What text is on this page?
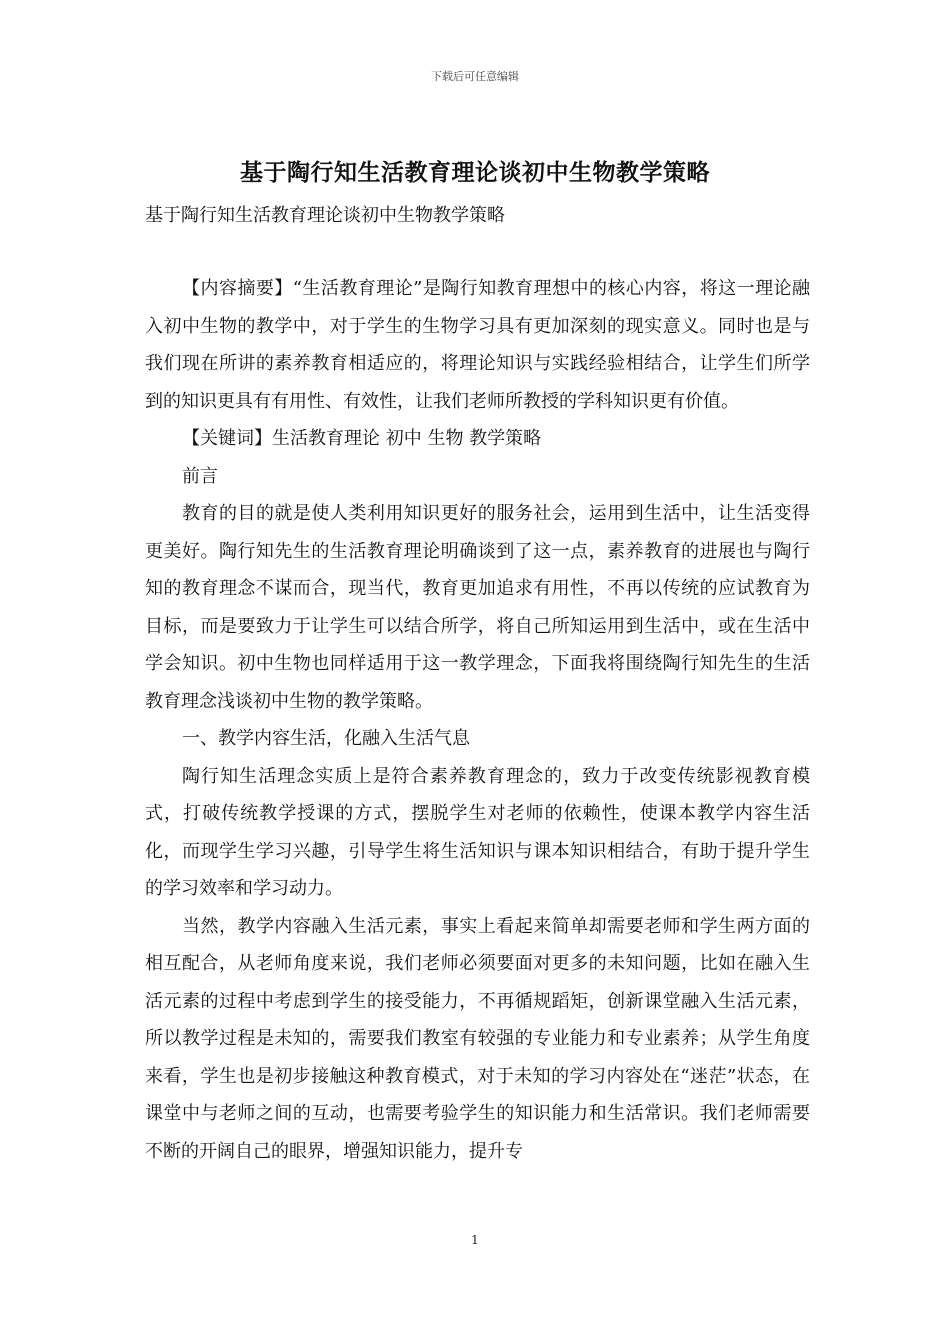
下载后可任意编辑
基于陶行知生活教育理论谈初中生物教学策略
基于陶行知生活教育理论谈初中生物教学策略

【内容摘要】“生活教育理论”是陶行知教育理想中的核心内容，将这一理论融入初中生物的教学中，对于学生的生物学习具有更加深刻的现实意义。同时也是与我们现在所讲的素养教育相适应的，将理论知识与实践经验相结合，让学生们所学到的知识更具有有用性、有效性，让我们老师所教授的学科知识更有价值。

【关键词】生活教育理论 初中 生物 教学策略

前言

教育的目的就是使人类利用知识更好的服务社会，运用到生活中，让生活变得更美好。陶行知先生的生活教育理论明确谈到了这一点，素养教育的进展也与陶行知的教育理念不谋而合，现当代，教育更加追求有用性，不再以传统的应试教育为目标，而是要致力于让学生可以结合所学，将自己所知运用到生活中，或在生活中学会知识。初中生物也同样适用于这一教学理念，下面我将围绕陶行知先生的生活教育理念浅谈初中生物的教学策略。

一、教学内容生活，化融入生活气息

陶行知生活理念实质上是符合素养教育理念的，致力于改变传统影视教育模式，打破传统教学授课的方式，摆脱学生对老师的依赖性，使课本教学内容生活化，而现学生学习兴趣，引导学生将生活知识与课本知识相结合，有助于提升学生的学习效率和学习动力。

当然，教学内容融入生活元素，事实上看起来简单却需要老师和学生两方面的相互配合，从老师角度来说，我们老师必须要面对更多的未知问题，比如在融入生活元素的过程中考虑到学生的接受能力，不再循规蹈矩，创新课堂融入生活元素，所以教学过程是未知的，需要我们教室有较强的专业能力和专业素养；从学生角度来看，学生也是初步接触这种教育模式，对于未知的学习内容处在“迷茫”状态，在课堂中与老师之间的互动，也需要考验学生的知识能力和生活常识。我们老师需要不断的开阔自己的眼界，增强知识能力，提升专

1
